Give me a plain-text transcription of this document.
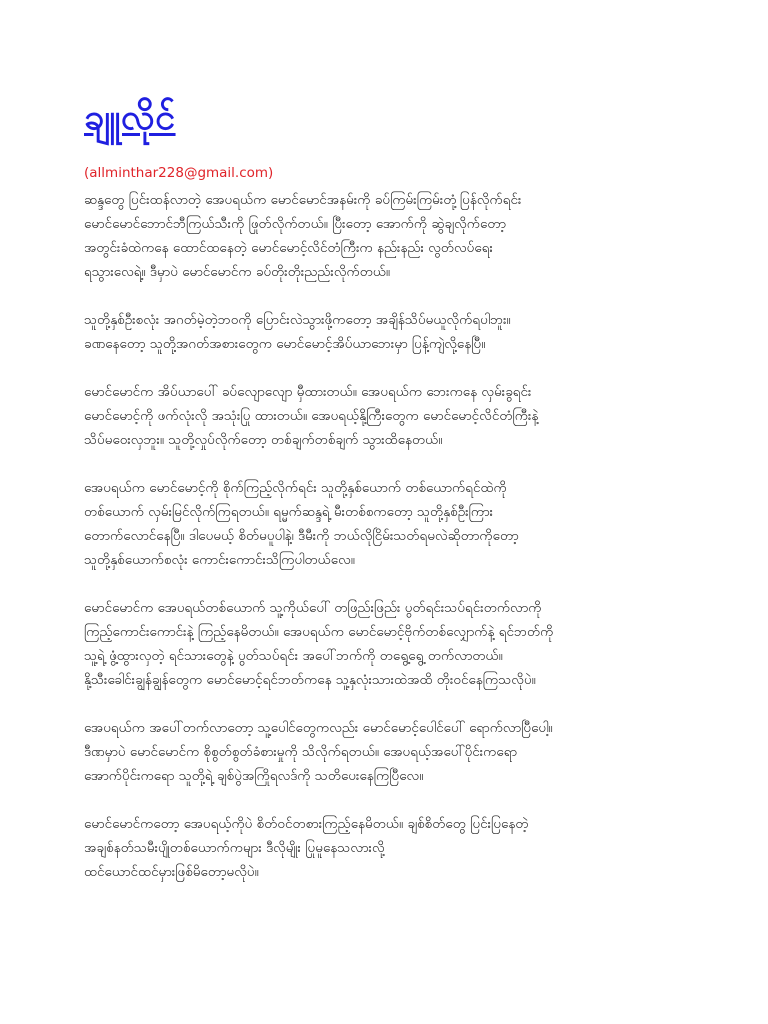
ချူလိုင်
(allminthar228@gmail.com)

ဆန္ဒတွေ ပြင်းထန်လာတဲ့ အေပရယ်က မောင်မောင်အနမ်းကို ခပ်ကြမ်းကြမ်းတုံ့ပြန်လိုက်ရင်း
မောင်မောင်ဘောင်ဘီကြယ်သီးကို ဖြုတ်လိုက်တယ်။ ပြီးတော့ အောက်ကို ဆွဲချလိုက်တော့
အတွင်းခံထဲကနေ ထောင်ထနေတဲ့ မောင်မောင့်လိင်တံကြီးက နည်းနည်း လွတ်လပ်ရေး
ရသွားလေရဲ့။ ဒီမှာပဲ မောင်မောင်က ခပ်တိုးတိုးညည်းလိုက်တယ်။

သူတို့နှစ်ဦးစလုံး အဂတ်မဲ့တဲ့ဘဝကို ပြောင်းလဲသွားဖို့ကတော့ အချိန်သိပ်မယူလိုက်ရပါဘူး။
ခဏနေတော့ သူတို့အဂတ်အစားတွေက မောင်မောင့်အိပ်ယာဘေးမှာ ပြန့်ကျဲလို့နေပြီ။

မောင်မောင်က အိပ်ယာပေါ် ခပ်လျောလျော မှီထားတယ်။ အေပရယ်က ဘေးကနေ လှမ်းခွရင်း
မောင်မောင့်ကို ဖက်လုံးလို အသုံးပြု ထားတယ်။ အေပရယ့်နို့ကြီးတွေက မောင်မောင့်လိင်တံကြီးနဲ့
သိပ်မဝေးလှဘူး။ သူတို့လှုပ်လိုက်တော့ တစ်ချက်တစ်ချက် သွားထိနေတယ်။

အေပရယ်က မောင်မောင့်ကို စိုက်ကြည့်လိုက်ရင်း သူတို့နှစ်ယောက် တစ်ယောက်ရင်ထဲကို
တစ်ယောက် လှမ်းမြင်လိုက်ကြရတယ်။ ရမ္မက်ဆန္ဒရဲ့ မီးတစ်စကတော့ သူတို့နှစ်ဦးကြား
တောက်လောင်နေပြီ။ ဒါပေမယ့် စိတ်မပူပါနဲ့၊ ဒီမီးကို ဘယ်လိုငြိမ်းသတ်ရမလဲဆိုတာကိုတော့
သူတို့နှစ်ယောက်စလုံး ကောင်းကောင်းသိကြပါတယ်လေ။

မောင်မောင်က အေပရယ်တစ်ယောက် သူ့ကိုယ်ပေါ် တဖြည်းဖြည်း ပွတ်ရင်းသပ်ရင်းတက်လာကို
ကြည့်ကောင်းကောင်းနဲ့ ကြည့်နေမိတယ်။ အေပရယ်က မောင်မောင့်ဗိုက်တစ်လျှောက်နဲ့ ရင်ဘတ်ကို
သူ့ရဲ့ ဖွံ့ထွားလှတဲ့ ရင်သားတွေနဲ့ ပွတ်သပ်ရင်း အပေါ်ဘက်ကို တရွေ့ရွေ့ တက်လာတယ်။
နို့သီးခေါင်းချွန်ချွန်တွေက မောင်မောင့်ရင်ဘတ်ကနေ သူ့နှလုံးသားထဲအထိ တိုးဝင်နေကြသလိုပဲ။

အေပရယ်က အပေါ်တက်လာတော့ သူ့ပေါင်တွေကလည်း မောင်မောင့်ပေါင်ပေါ် ရောက်လာပြီပေါ့။
ဒီဏမှာပဲ မောင်မောင်က စိုစွတ်စွတ်ခံစားမှုကို သိလိုက်ရတယ်။ အေပရယ့်အပေါ်ပိုင်းကရော
အောက်ပိုင်းကရော သူတို့ရဲ့ ချစ်ပွဲအကြိုရလဒ်ကို သတိပေးနေကြပြီလေ။

မောင်မောင်ကတော့ အေပရယ့်ကိုပဲ စိတ်ဝင်တစားကြည့်နေမိတယ်။ ချစ်စိတ်တွေ ပြင်းပြနေတဲ့
အချစ်နတ်သမီးပျိုတစ်ယောက်ကများ ဒီလိုမျိုး ပြုမူနေသလားလို့
ထင်ယောင်ထင်မှားဖြစ်မိတော့မလိုပဲ။
